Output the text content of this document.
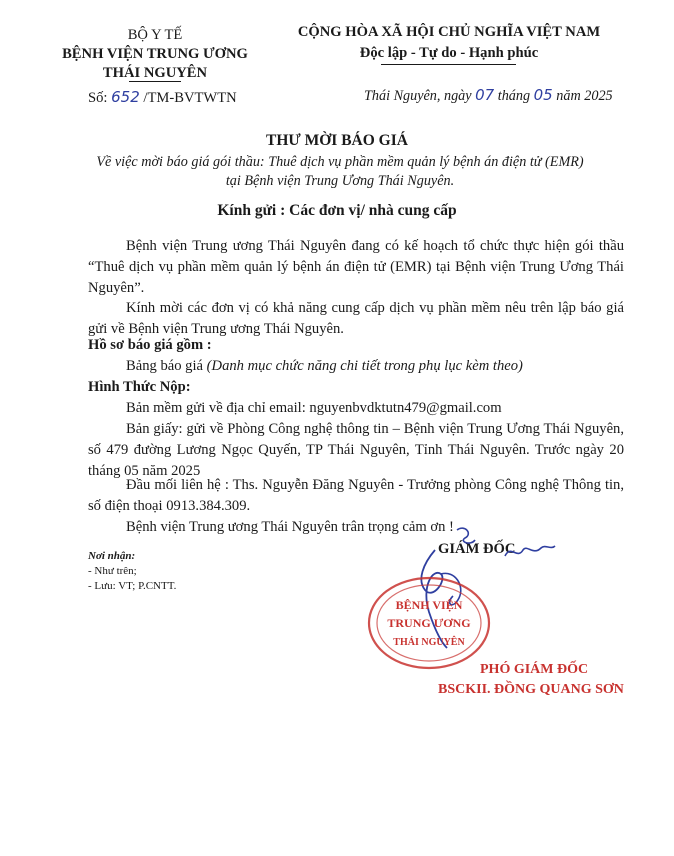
BỘ Y TẾ
BỆNH VIỆN TRUNG ƯƠNG
THÁI NGUYÊN
Số: 652 /TM-BVTWTN
CỘNG HÒA XÃ HỘI CHỦ NGHĨA VIỆT NAM
Độc lập - Tự do - Hạnh phúc
Thái Nguyên, ngày 07 tháng 05 năm 2025
THƯ MỜI BÁO GIÁ
Về việc mời báo giá gói thầu: Thuê dịch vụ phần mềm quản lý bệnh án điện tử (EMR)
tại Bệnh viện Trung Ương Thái Nguyên.
Kính gửi : Các đơn vị/ nhà cung cấp
Bệnh viện Trung ương Thái Nguyên đang có kế hoạch tổ chức thực hiện gói thầu “Thuê dịch vụ phần mềm quản lý bệnh án điện tử (EMR) tại Bệnh viện Trung Ương Thái Nguyên”.
Kính mời các đơn vị có khả năng cung cấp dịch vụ phần mềm nêu trên lập báo giá gửi về Bệnh viện Trung ương Thái Nguyên.
Hồ sơ báo giá gồm :
Bảng báo giá (Danh mục chức năng chi tiết trong phụ lục kèm theo)
Hình Thức Nộp:
Bản mềm gửi về địa chỉ email: nguyenbvdktutn479@gmail.com
Bản giấy: gửi về Phòng Công nghệ thông tin – Bệnh viện Trung Ương Thái Nguyên, số 479 đường Lương Ngọc Quyến, TP Thái Nguyên, Tỉnh Thái Nguyên. Trước ngày 20 tháng 05 năm 2025
Đầu mối liên hệ : Ths. Nguyễn Đăng Nguyên - Trưởng phòng Công nghệ Thông tin, số điện thoại 0913.384.309.
Bệnh viện Trung ương Thái Nguyên trân trọng cảm ơn !
Nơi nhận:
- Như trên;
- Lưu: VT; P.CNTT.
GIÁM ĐỐC
BỆNH VIỆN
TRUNG ƯƠNG
THÁI NGUYÊN
PHÓ GIÁM ĐỐC
BSCKII. ĐỒNG QUANG SƠN
